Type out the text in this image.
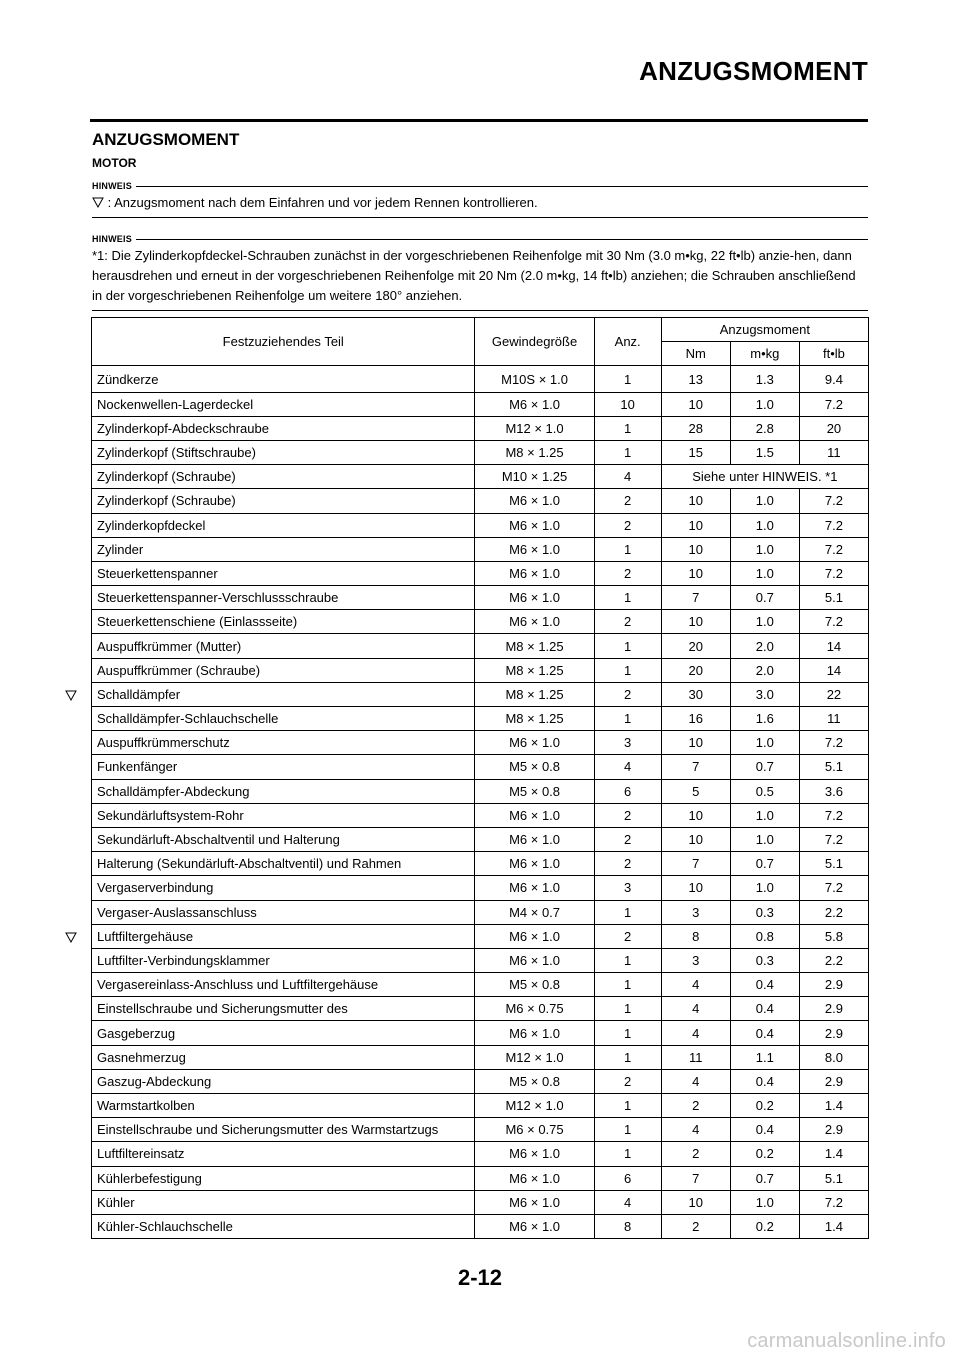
ANZUGSMOMENT
ANZUGSMOMENT
MOTOR
HINWEIS
: Anzugsmoment nach dem Einfahren und vor jedem Rennen kontrollieren.
HINWEIS
*1: Die Zylinderkopfdeckel-Schrauben zunächst in der vorgeschriebenen Reihenfolge mit 30 Nm (3.0 m•kg, 22 ft•lb) anzie-hen, dann herausdrehen und erneut in der vorgeschriebenen Reihenfolge mit 20 Nm (2.0 m•kg, 14 ft•lb) anziehen; die Schrauben anschließend in der vorgeschriebenen Reihenfolge um weitere 180° anziehen.
Festzuziehendes Teil	Gewindegröße	Anz.	Anzugsmoment		
			Nm	m•kg	ft•lb
Zündkerze	M10S × 1.0	1	13	1.3	9.4
Nockenwellen-Lagerdeckel	M6 × 1.0	10	10	1.0	7.2
Zylinderkopf-Abdeckschraube	M12 × 1.0	1	28	2.8	20
Zylinderkopf (Stiftschraube)	M8 × 1.25	1	15	1.5	11
Zylinderkopf (Schraube)	M10 × 1.25	4	Siehe unter HINWEIS. *1		
Zylinderkopf (Schraube)	M6 × 1.0	2	10	1.0	7.2
Zylinderkopfdeckel	M6 × 1.0	2	10	1.0	7.2
Zylinder	M6 × 1.0	1	10	1.0	7.2
Steuerkettenspanner	M6 × 1.0	2	10	1.0	7.2
Steuerkettenspanner-Verschlussschraube	M6 × 1.0	1	7	0.7	5.1
Steuerkettenschiene (Einlassseite)	M6 × 1.0	2	10	1.0	7.2
Auspuffkrümmer (Mutter)	M8 × 1.25	1	20	2.0	14
Auspuffkrümmer (Schraube)	M8 × 1.25	1	20	2.0	14
Schalldämpfer	M8 × 1.25	2	30	3.0	22
Schalldämpfer-Schlauchschelle	M8 × 1.25	1	16	1.6	11
Auspuffkrümmerschutz	M6 × 1.0	3	10	1.0	7.2
Funkenfänger	M5 × 0.8	4	7	0.7	5.1
Schalldämpfer-Abdeckung	M5 × 0.8	6	5	0.5	3.6
Sekundärluftsystem-Rohr	M6 × 1.0	2	10	1.0	7.2
Sekundärluft-Abschaltventil und Halterung	M6 × 1.0	2	10	1.0	7.2
Halterung (Sekundärluft-Abschaltventil) und Rahmen	M6 × 1.0	2	7	0.7	5.1
Vergaserverbindung	M6 × 1.0	3	10	1.0	7.2
Vergaser-Auslassanschluss	M4 × 0.7	1	3	0.3	2.2
Luftfiltergehäuse	M6 × 1.0	2	8	0.8	5.8
Luftfilter-Verbindungsklammer	M6 × 1.0	1	3	0.3	2.2
Vergasereinlass-Anschluss und Luftfiltergehäuse	M5 × 0.8	1	4	0.4	2.9
Einstellschraube und Sicherungsmutter des	M6 × 0.75	1	4	0.4	2.9
Gasgeberzug	M6 × 1.0	1	4	0.4	2.9
Gasnehmerzug	M12 × 1.0	1	11	1.1	8.0
Gaszug-Abdeckung	M5 × 0.8	2	4	0.4	2.9
Warmstartkolben	M12 × 1.0	1	2	0.2	1.4
Einstellschraube und Sicherungsmutter des Warmstartzugs	M6 × 0.75	1	4	0.4	2.9
Luftfiltereinsatz	M6 × 1.0	1	2	0.2	1.4
Kühlerbefestigung	M6 × 1.0	6	7	0.7	5.1
Kühler	M6 × 1.0	4	10	1.0	7.2
Kühler-Schlauchschelle	M6 × 1.0	8	2	0.2	1.4
2-12
carmanualsonline.info
